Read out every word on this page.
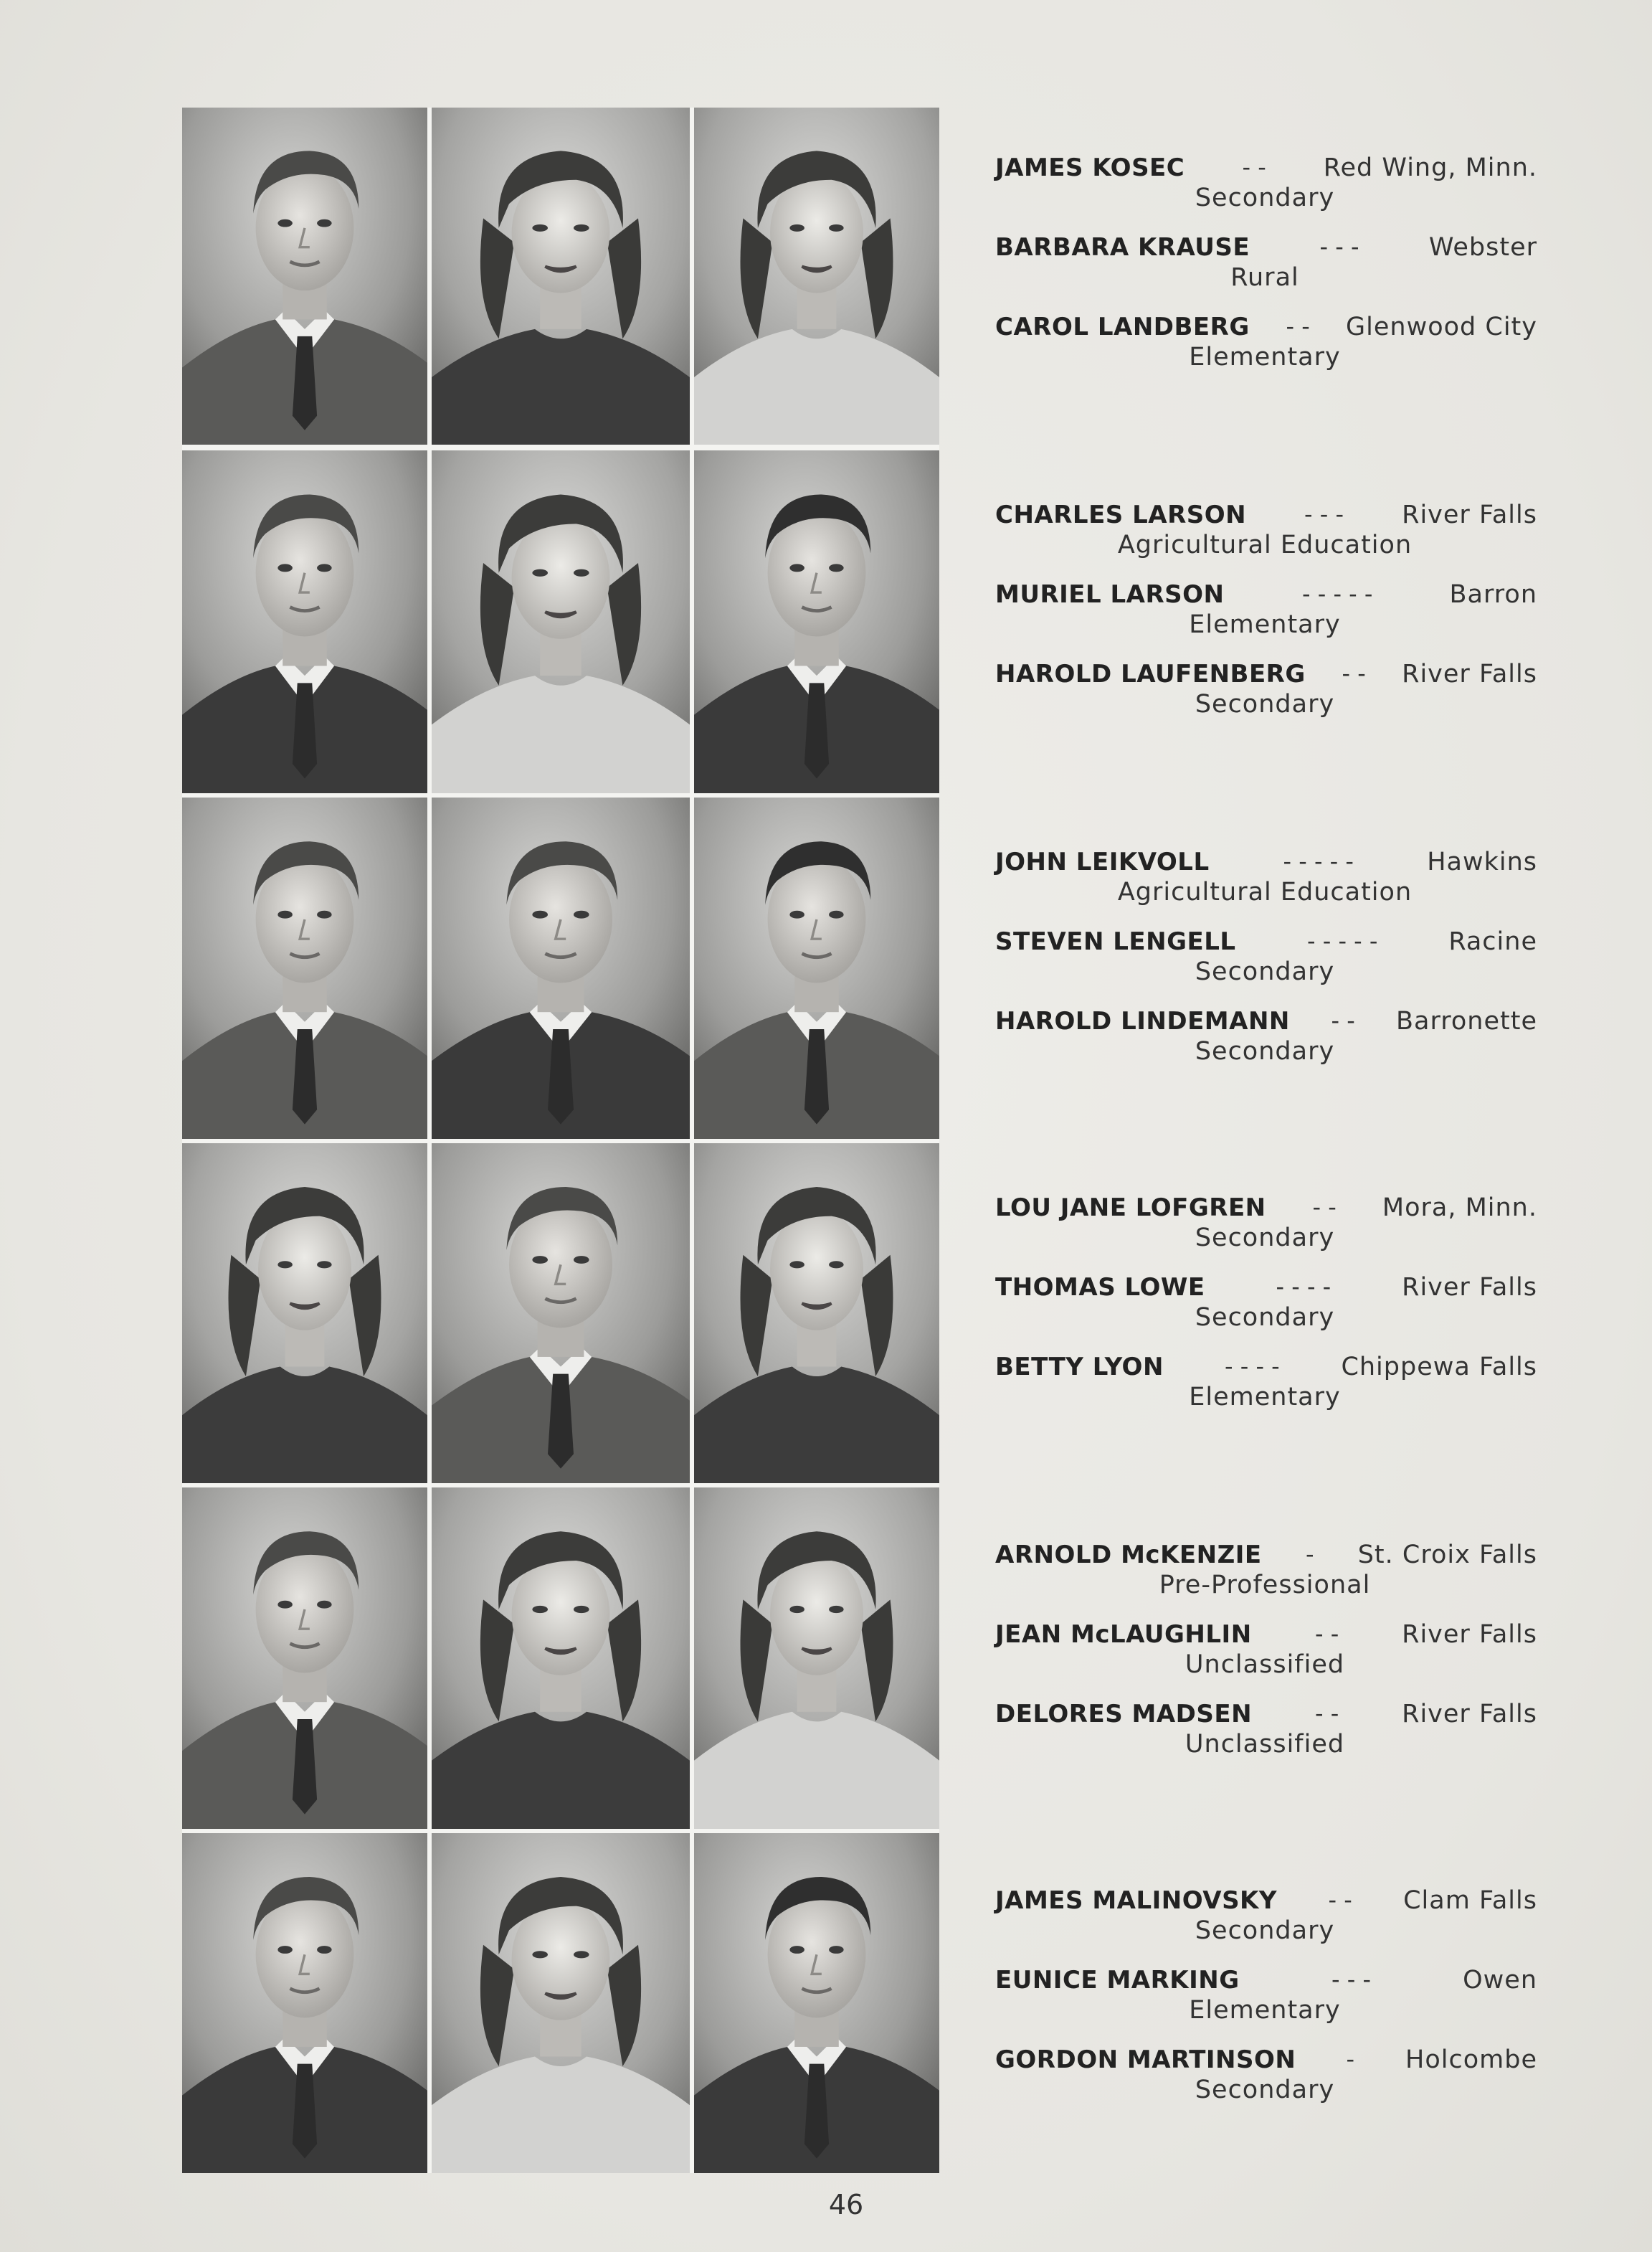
JAMES KOSEC	- - Red Wing, Minn.
Secondary
BARBARA KRAUSE	- - -	Webster
Rural
CAROL LANDBERG - - Glenwood City
Elementary
CHARLES LARSON	- - - River Falls
Agricultural Education
MURIEL LARSON	- - - - -	Barron
Elementary
HAROLD LAUFENBERG - - River Falls
Secondary
JOHN LEIKVOLL	- - - - -	Hawkins
Agricultural Education
STEVEN LENGELL	- - - - -	Racine
Secondary
HAROLD LINDEMANN - - Barronette
Secondary
LOU JANE LOFGREN - - Mora, Minn.
Secondary
THOMAS LOWE	- - - -	River Falls
Secondary
BETTY LYON	- - - - Chippewa Falls
Elementary
ARNOLD McKENZIE - St. Croix Falls
Pre-Professional
JEAN McLAUGHLIN	- -	River Falls
Unclassified
DELORES MADSEN	- -	River Falls
Unclassified
JAMES MALINOVSKY - - Clam Falls
Secondary
EUNICE MARKING	- - -	Owen
Elementary
GORDON MARTINSON - Holcombe
Secondary
46
